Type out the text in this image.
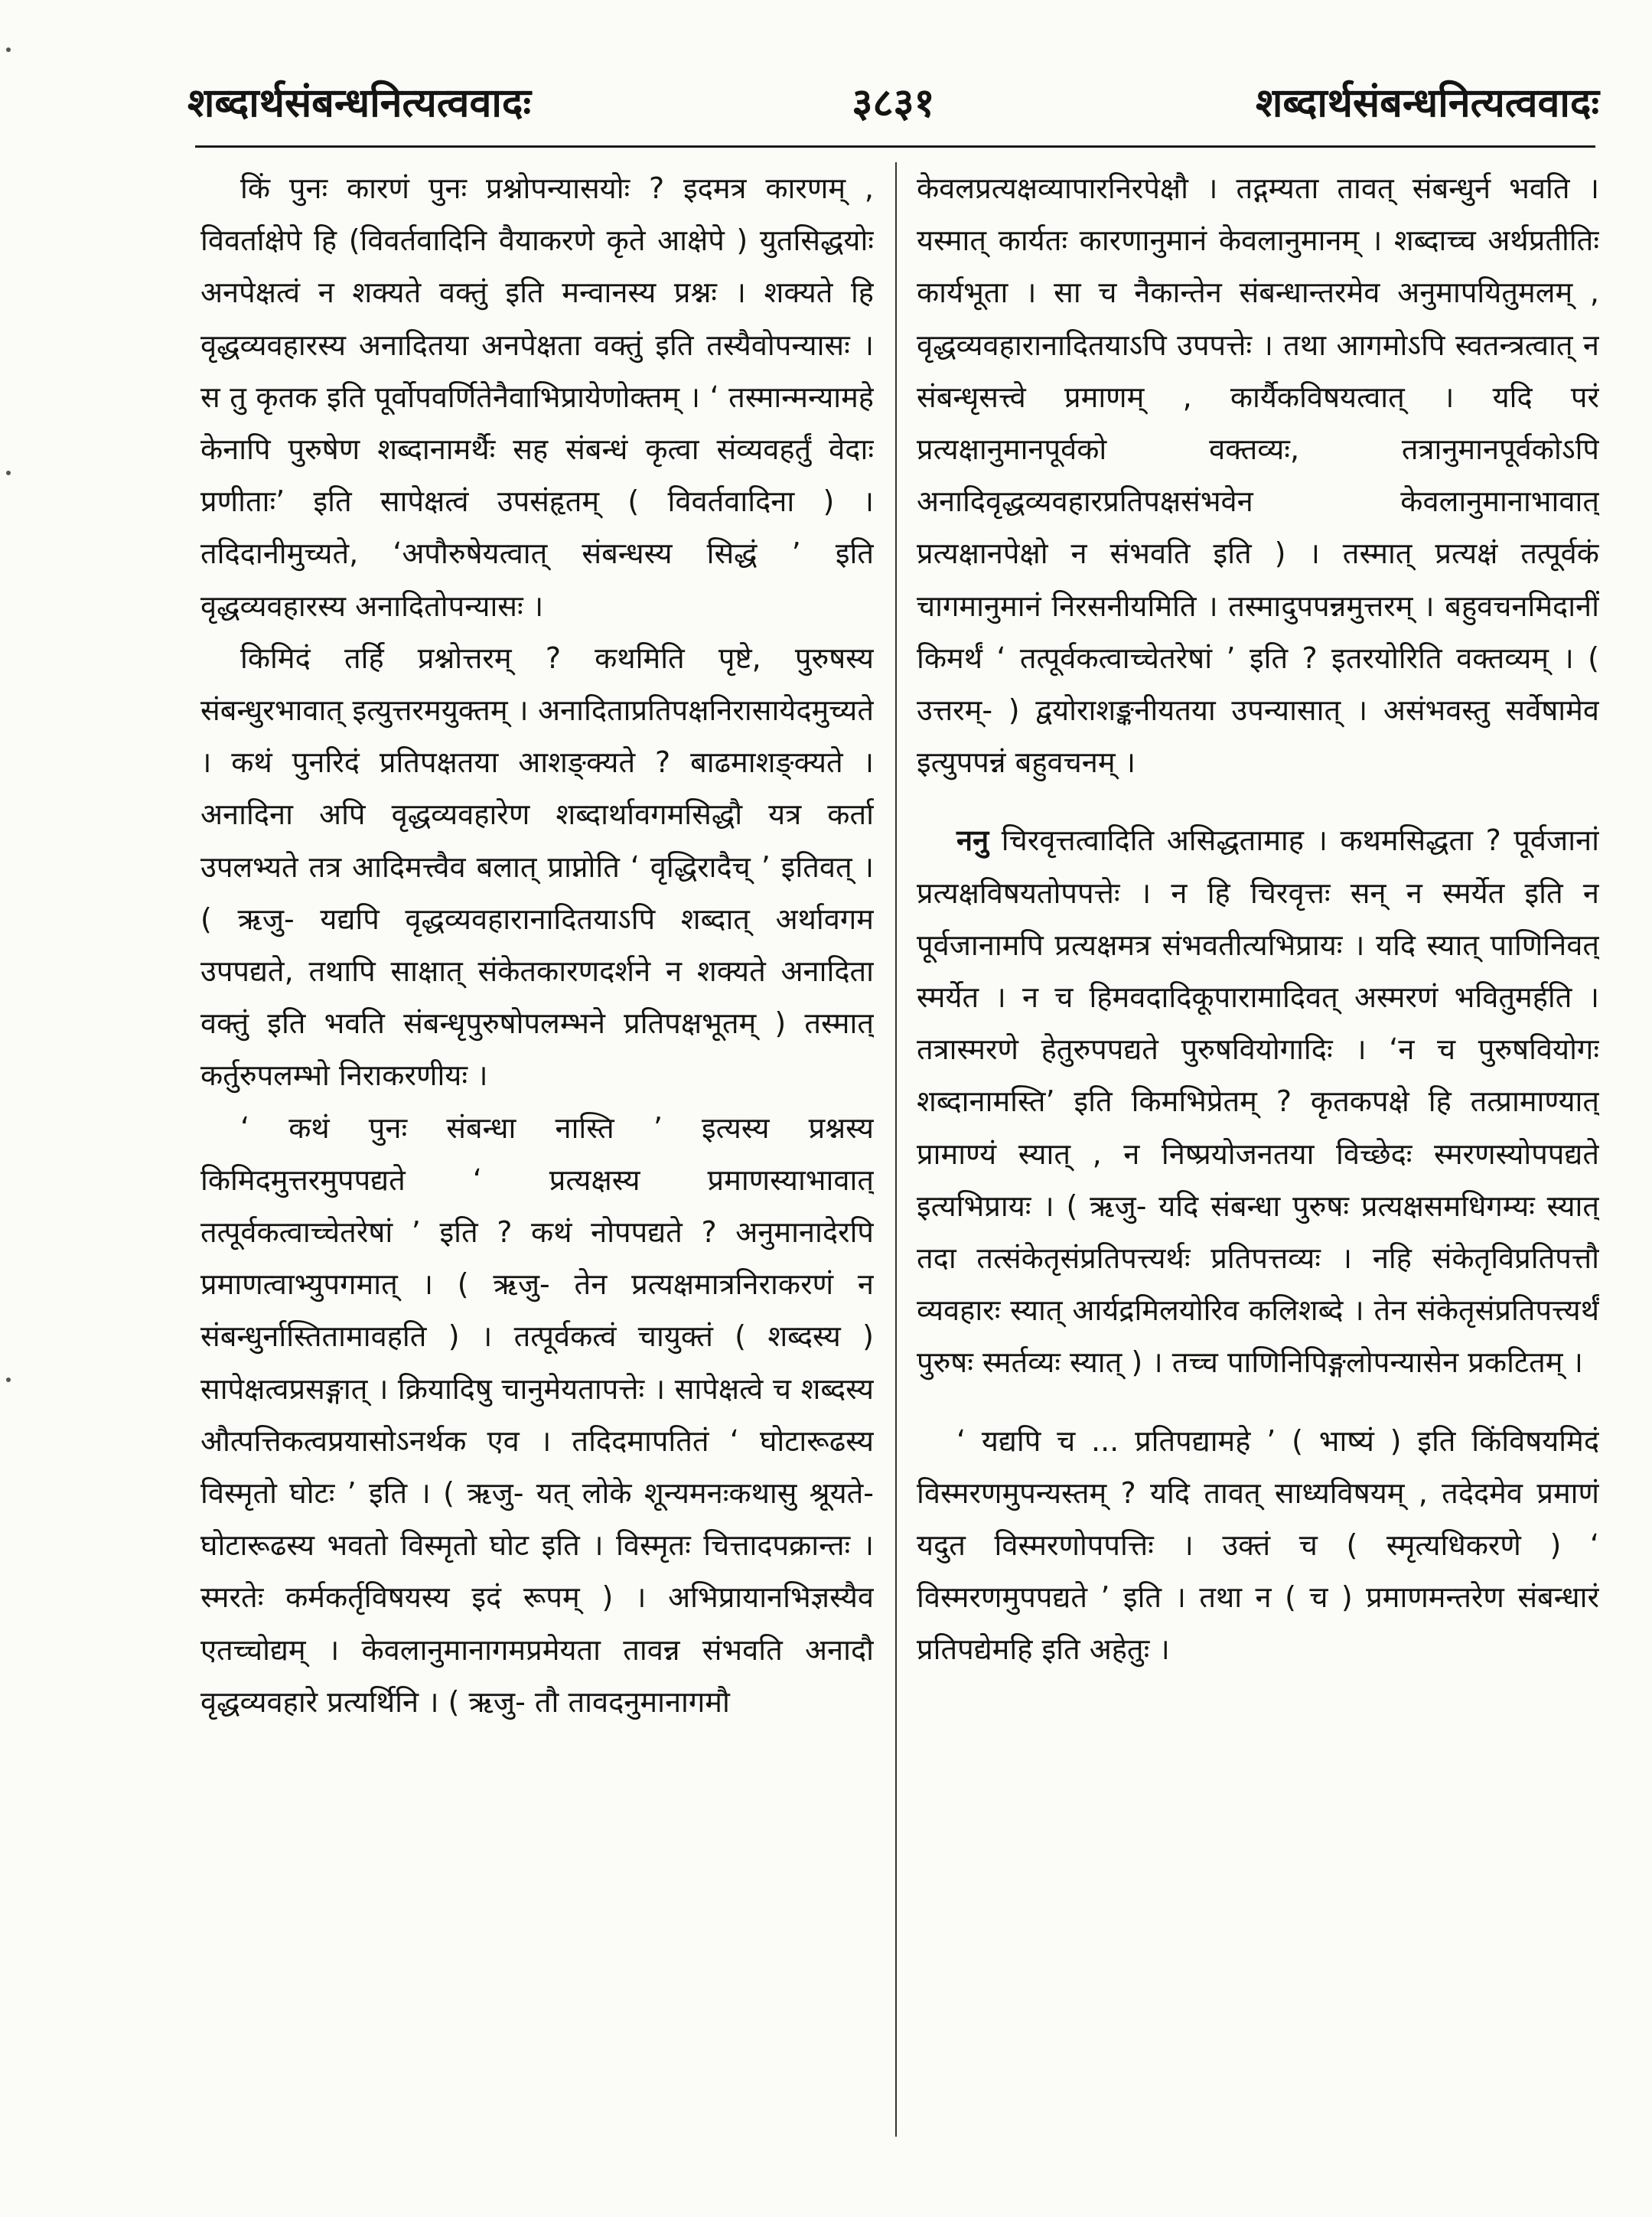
शब्दार्थसंबन्धनित्यत्ववादः	३८३१	शब्दार्थसंबन्धनित्यत्ववादः

किं पुनः कारणं पुनः प्रश्नोपन्यासयोः ? इदमत्र कारणम् , विवर्ताक्षेपे हि (विवर्तवादिनि वैयाकरणे कृते आक्षेपे ) युतसिद्धयोः अनपेक्षत्वं न शक्यते वक्तुं इति मन्वानस्य प्रश्नः । शक्यते हि वृद्धव्यवहारस्य अनादितया अनपेक्षता वक्तुं इति तस्यैवोपन्यासः । स तु कृतक इति पूर्वोपवर्णितेनैवाभिप्रायेणोक्तम् । ‘ तस्मान्मन्यामहे केनापि पुरुषेण शब्दानामर्थैः सह संबन्धं कृत्वा संव्यवहर्तुं वेदाः प्रणीताः’ इति सापेक्षत्वं उपसंहृतम् ( विवर्तवादिना ) । तदिदानीमुच्यते, ‘अपौरुषेयत्वात् संबन्धस्य सिद्धं ’ इति वृद्धव्यवहारस्य अनादितोपन्यासः ।

किमिदं तर्हि प्रश्नोत्तरम् ? कथमिति पृष्टे, पुरुषस्य संबन्धुरभावात् इत्युत्तरमयुक्तम् । अनादिताप्रतिपक्षनिरासायेदमुच्यते । कथं पुनरिदं प्रतिपक्षतया आशङ्क्यते ? बाढमाशङ्क्यते । अनादिना अपि वृद्धव्यवहारेण शब्दार्थावगमसिद्धौ यत्र कर्ता उपलभ्यते तत्र आदिमत्त्वैव बलात् प्राप्नोति ‘ वृद्धिरादैच् ’ इतिवत् । ( ऋजु- यद्यपि वृद्धव्यवहारानादितयाऽपि शब्दात् अर्थावगम उपपद्यते, तथापि साक्षात् संकेतकारणदर्शने न शक्यते अनादिता वक्तुं इति भवति संबन्धृपुरुषोपलम्भने प्रतिपक्षभूतम् ) तस्मात् कर्तुरुपलम्भो निराकरणीयः ।

‘ कथं पुनः संबन्धा नास्ति ’ इत्यस्य प्रश्नस्य किमिदमुत्तरमुपपद्यते ‘ प्रत्यक्षस्य प्रमाणस्याभावात् तत्पूर्वकत्वाच्चेतरेषां ’ इति ? कथं नोपपद्यते ? अनुमानादेरपि प्रमाणत्वाभ्युपगमात् । ( ऋजु- तेन प्रत्यक्षमात्रनिराकरणं न संबन्धुर्नास्तितामावहति ) । तत्पूर्वकत्वं चायुक्तं ( शब्दस्य ) सापेक्षत्वप्रसङ्गात् । क्रियादिषु चानुमेयतापत्तेः । सापेक्षत्वे च शब्दस्य औत्पत्तिकत्वप्रयासोऽनर्थक एव । तदिदमापतितं ‘ घोटारूढस्य विस्मृतो घोटः ’ इति । ( ऋजु- यत् लोके शून्यमनःकथासु श्रूयते- घोटारूढस्य भवतो विस्मृतो घोट इति । विस्मृतः चित्तादपक्रान्तः । स्मरतेः कर्मकर्तृविषयस्य इदं रूपम् ) । अभिप्रायानभिज्ञस्यैव एतच्चोद्यम् । केवलानुमानागमप्रमेयता तावन्न संभवति अनादौ वृद्धव्यवहारे प्रत्यर्थिनि । ( ऋजु- तौ तावदनुमानागमौ

केवलप्रत्यक्षव्यापारनिरपेक्षौ । तद्गम्यता तावत् संबन्धुर्न भवति । यस्मात् कार्यतः कारणानुमानं केवलानुमानम् । शब्दाच्च अर्थप्रतीतिः कार्यभूता । सा च नैकान्तेन संबन्धान्तरमेव अनुमापयितुमलम् , वृद्धव्यवहारानादितयाऽपि उपपत्तेः । तथा आगमोऽपि स्वतन्त्रत्वात् न संबन्धृसत्त्वे प्रमाणम् , कार्यैकविषयत्वात् । यदि परं प्रत्यक्षानुमानपूर्वको वक्तव्यः, तत्रानुमानपूर्वकोऽपि अनादिवृद्धव्यवहारप्रतिपक्षसंभवेन केवलानुमानाभावात् प्रत्यक्षानपेक्षो न संभवति इति ) । तस्मात् प्रत्यक्षं तत्पूर्वकं चागमानुमानं निरसनीयमिति । तस्मादुपपन्नमुत्तरम् । बहुवचनमिदानीं किमर्थं ‘ तत्पूर्वकत्वाच्चेतरेषां ’ इति ? इतरयोरिति वक्तव्यम् । ( उत्तरम्- ) द्वयोराशङ्कनीयतया उपन्यासात् । असंभवस्तु सर्वेषामेव इत्युपपन्नं बहुवचनम् ।

ननु चिरवृत्तत्वादिति असिद्धतामाह । कथमसिद्धता ? पूर्वजानां प्रत्यक्षविषयतोपपत्तेः । न हि चिरवृत्तः सन् न स्मर्येत इति न पूर्वजानामपि प्रत्यक्षमत्र संभवतीत्यभिप्रायः । यदि स्यात् पाणिनिवत् स्मर्येत । न च हिमवदादिकूपारामादिवत् अस्मरणं भवितुमर्हति । तत्रास्मरणे हेतुरुपपद्यते पुरुषवियोगादिः । ‘न च पुरुषवियोगः शब्दानामस्ति’ इति किमभिप्रेतम् ? कृतकपक्षे हि तत्प्रामाण्यात् प्रामाण्यं स्यात् , न निष्प्रयोजनतया विच्छेदः स्मरणस्योपपद्यते इत्यभिप्रायः । ( ऋजु- यदि संबन्धा पुरुषः प्रत्यक्षसमधिगम्यः स्यात् तदा तत्संकेतृसंप्रतिपत्त्यर्थः प्रतिपत्तव्यः । नहि संकेतृविप्रतिपत्तौ व्यवहारः स्यात् आर्यद्रमिलयोरिव कलिशब्दे । तेन संकेतृसंप्रतिपत्त्यर्थं पुरुषः स्मर्तव्यः स्यात् ) । तच्च पाणिनिपिङ्गलोपन्यासेन प्रकटितम् ।

‘ यद्यपि च ... प्रतिपद्यामहे ’ ( भाष्यं ) इति किंविषयमिदं विस्मरणमुपन्यस्तम् ? यदि तावत् साध्यविषयम् , तदेदमेव प्रमाणं यदुत विस्मरणोपपत्तिः । उक्तं च ( स्मृत्यधिकरणे ) ‘ विस्मरणमुपपद्यते ’ इति । तथा न ( च ) प्रमाणमन्तरेण संबन्धारं प्रतिपद्येमहि इति अहेतुः ।
